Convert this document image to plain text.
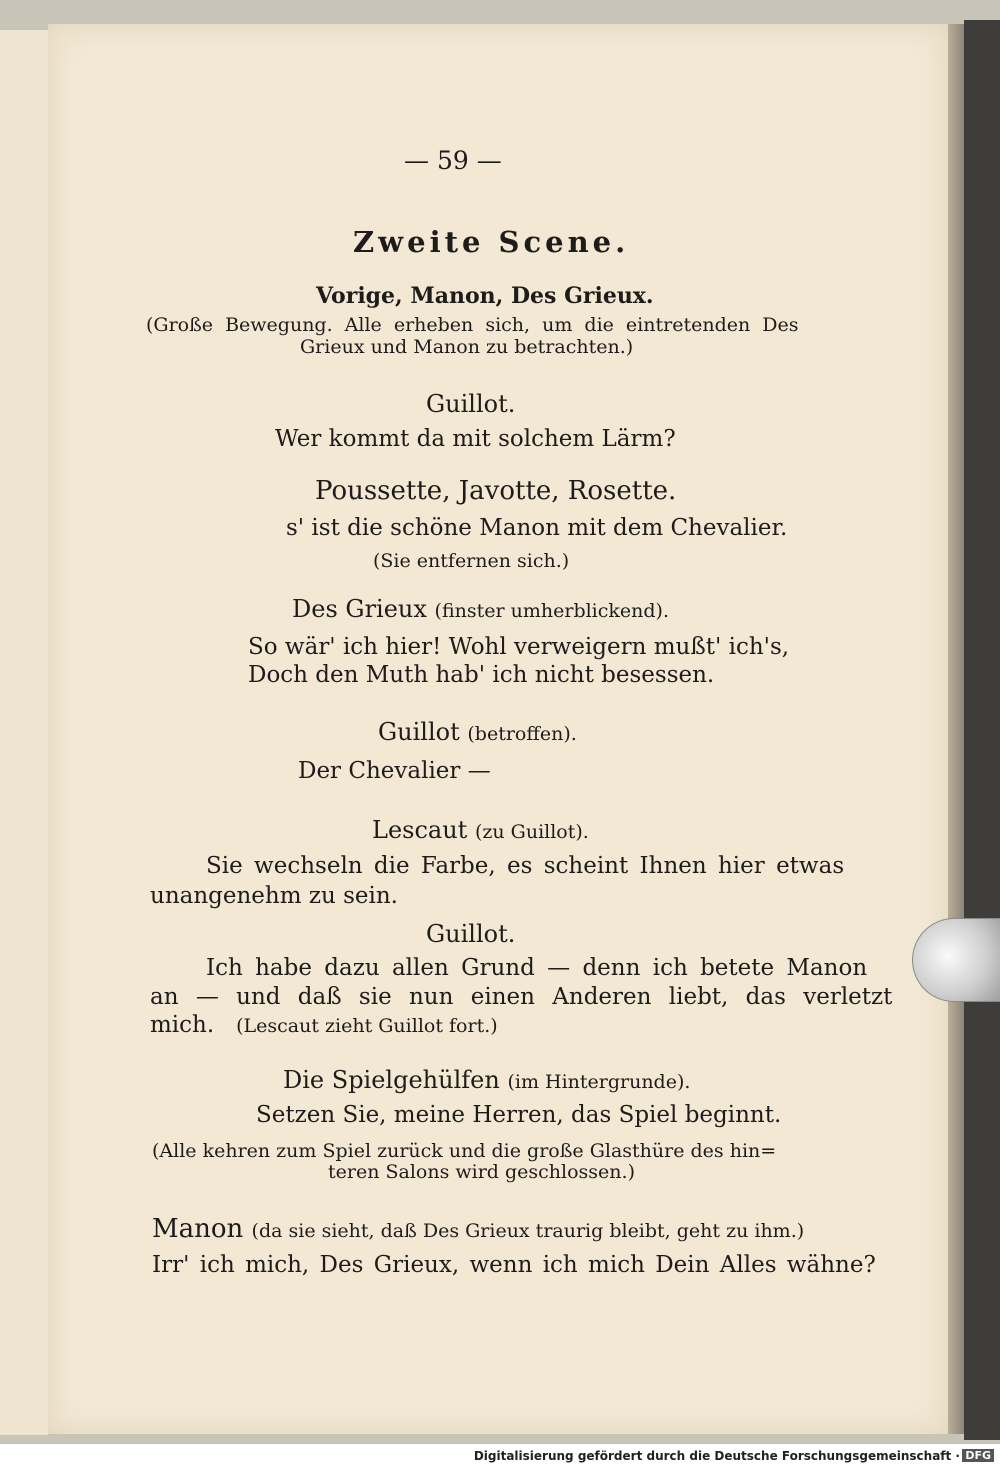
— 59 —
Zweite Scene.
Vorige, Manon, Des Grieux.
(Große Bewegung. Alle erheben sich, um die eintretenden Des
Grieux und Manon zu betrachten.)
Guillot.
Wer kommt da mit solchem Lärm?
Poussette, Javotte, Rosette.
s' ist die schöne Manon mit dem Chevalier.
(Sie entfernen sich.)
Des Grieux (finster umherblickend).
So wär' ich hier! Wohl verweigern mußt' ich's,
Doch den Muth hab' ich nicht besessen.
Guillot (betroffen).
Der Chevalier —
Lescaut (zu Guillot).
Sie wechseln die Farbe, es scheint Ihnen hier etwas
unangenehm zu sein.
Guillot.
Ich habe dazu allen Grund — denn ich betete Manon
an — und daß sie nun einen Anderen liebt, das verletzt
mich. (Lescaut zieht Guillot fort.)
Die Spielgehülfen (im Hintergrunde).
Setzen Sie, meine Herren, das Spiel beginnt.
(Alle kehren zum Spiel zurück und die große Glasthüre des hin=
teren Salons wird geschlossen.)
Manon (da sie sieht, daß Des Grieux traurig bleibt, geht zu ihm.)
Irr' ich mich, Des Grieux, wenn ich mich Dein Alles wähne?
Digitalisierung gefördert durch die Deutsche Forschungsgemeinschaft · DFG
